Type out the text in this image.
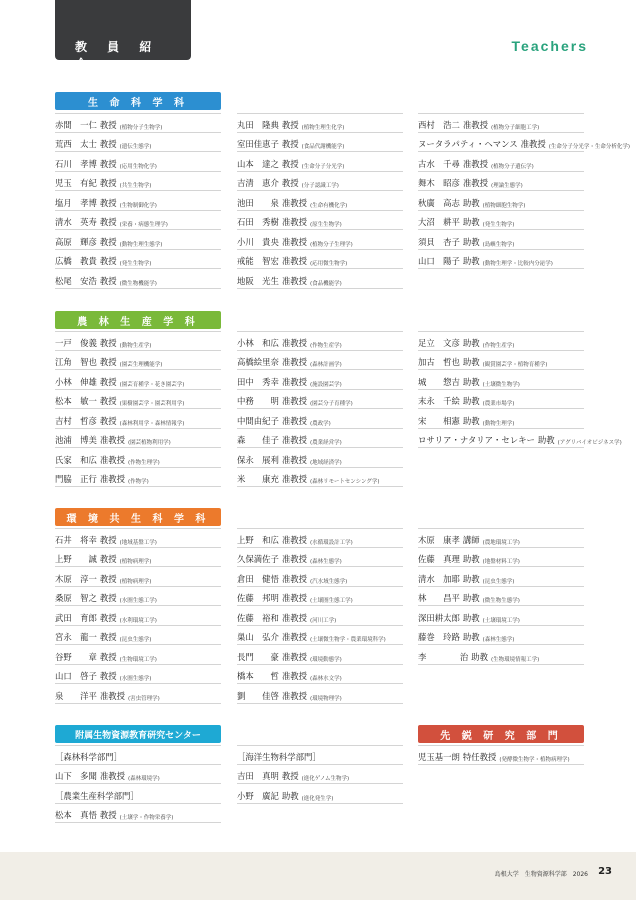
教 員 紹 介
Teachers
生 命 科 学 科
農 林 生 産 学 科
環 境 共 生 科 学 科
附属生物資源教育研究センター	先 鋭 研 究 部 門
赤間　一仁 教授 (植物分子生物学)
荒西　太士 教授 (遺伝生態学)
石川　孝博 教授 (応用生物化学)
児玉　有紀 教授 (共生生物学)
塩月　孝博 教授 (生物制御化学)
清水　英寿 教授 (栄養・病態生理学)
高原　輝彦 教授 (動物生理生態学)
広橋　教貴 教授 (発生生物学)
松尾　安浩 教授 (微生物機能学)
丸田　隆典 教授 (植物生理生化学)
室田佳恵子 教授 (食品代謝機能学)
山本　達之 教授 (生命分子分光学)
吉清　恵介 教授 (分子認識工学)
池田　　泉 准教授 (生命有機化学)
石田　秀樹 准教授 (原生生物学)
小川　貴央 准教授 (植物分子生理学)
戒能　智宏 准教授 (応用微生物学)
地阪　光生 准教授 (食品機能学)
西村　浩二 准教授 (植物分子細胞工学)
ヌータラパティ・ヘマンス 准教授 (生命分子分光学・生命分析化学)
古水　千尋 准教授 (植物分子遺伝学)
舞木　昭彦 准教授 (理論生態学)
秋廣　高志 助教 (植物細胞生物学)
大沼　耕平 助教 (発生生物学)
須貝　杏子 助教 (島嶼生物学)
山口　陽子 助教 (動物生理学・比較内分泌学)
一戸　俊義 教授 (動物生産学)
江角　智也 教授 (園芸生理機能学)
小林　伸雄 教授 (園芸育種学・花き園芸学)
松本　敏一 教授 (果樹園芸学・園芸利用学)
吉村　哲彦 教授 (森林利用学・森林情報学)
池浦　博美 准教授 (園芸植物利用学)
氏家　和広 准教授 (作物生理学)
門脇　正行 准教授 (作物学)
小林　和広 准教授 (作物生産学)
高橋絵里奈 准教授 (森林計画学)
田中　秀幸 准教授 (施設園芸学)
中務　　明 准教授 (園芸分子育種学)
中間由紀子 准教授 (農政学)
森　　佳子 准教授 (農業経営学)
保永　展利 准教授 (地域経済学)
米　　康充 准教授 (森林リモートセンシング学)
足立　文彦 助教 (作物生産学)
加古　哲也 助教 (観賞園芸学・植物育種学)
城　　惣吉 助教 (土壌微生物学)
末永　千絵 助教 (農業市場学)
宋　　相憲 助教 (動物生理学)
ロサリア・ナタリア・セレキー 助教 (アグリバイオビジネス学)
石井　将幸 教授 (地域基盤工学)
上野　　誠 教授 (植物病理学)
木原　淳一 教授 (植物病理学)
桑原　智之 教授 (水圏生態工学)
武田　育郎 教授 (水利環境工学)
宮永　龍一 教授 (昆虫生態学)
谷野　　章 教授 (生物環境工学)
山口　啓子 教授 (水圏生態学)
泉　　洋平 准教授 (害虫管理学)
上野　和広 准教授 (水循環設計工学)
久保満佐子 准教授 (森林生態学)
倉田　健悟 准教授 (汽水域生態学)
佐藤　邦明 准教授 (土壌圏生態工学)
佐藤　裕和 准教授 (河川工学)
巣山　弘介 准教授 (土壌微生物学・農業環境科学)
長門　　豪 准教授 (環境動態学)
橋本　　哲 准教授 (森林水文学)
劉　　佳啓 准教授 (環境物理学)
木原　康孝 講師 (農地環境工学)
佐藤　真理 助教 (地盤材料工学)
清水　加耶 助教 (昆虫生態学)
林　　昌平 助教 (微生物生態学)
深田耕太郎 助教 (土壌環境工学)
藤巻　玲路 助教 (森林生態学)
李　　　　治 助教 (生物環境情報工学)
［森林科学部門］
山下　多聞 准教授 (森林環境学)
［農業生産科学部門］
松本　真悟 教授 (土壌学・作物栄養学)
［海洋生物科学部門］
吉田　真明 教授 (進化ゲノム生物学)
小野　廣記 助教 (進化発生学)
児玉基一朗 特任教授 (発酵微生物学・植物病理学)
島根大学　生物資源科学部　2026 23
